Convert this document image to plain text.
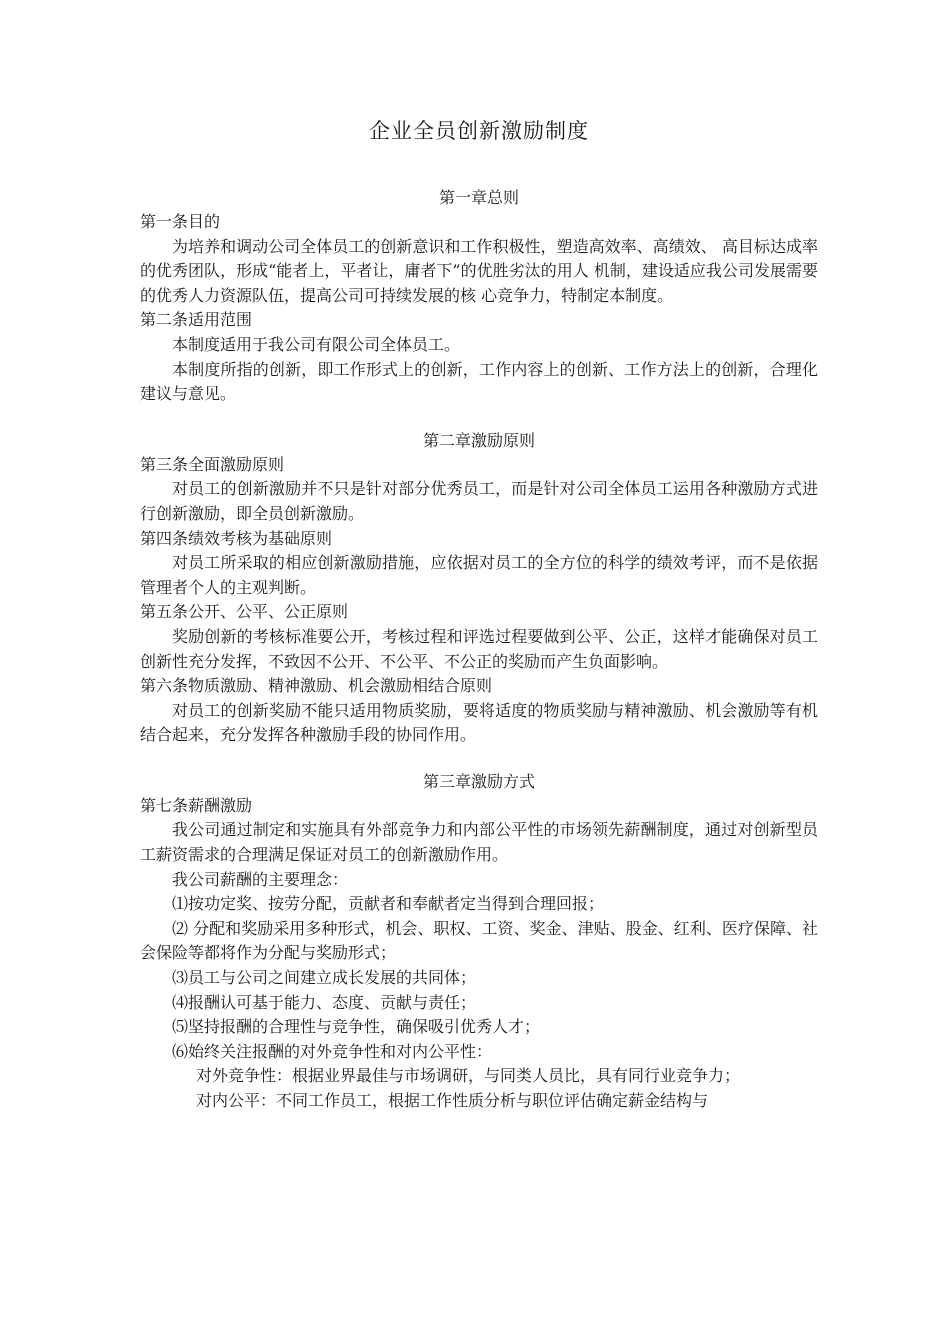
企业全员创新激励制度
第一章总则

第一条目的

为培养和调动公司全体员工的创新意识和工作积极性，塑造高效率、高绩效、 高目标达成率的优秀团队，形成“能者上，平者让，庸者下”的优胜劣汰的用人 机制，建设适应我公司发展需要的优秀人力资源队伍，提高公司可持续发展的核 心竞争力，特制定本制度。

第二条适用范围

本制度适用于我公司有限公司全体员工。

本制度所指的创新，即工作形式上的创新，工作内容上的创新、工作方法上的创新，合理化建议与意见。

第二章激励原则

第三条全面激励原则

对员工的创新激励并不只是针对部分优秀员工，而是针对公司全体员工运用各种激励方式进行创新激励，即全员创新激励。

第四条绩效考核为基础原则

对员工所采取的相应创新激励措施，应依据对员工的全方位的科学的绩效考评，而不是依据管理者个人的主观判断。

第五条公开、公平、公正原则

奖励创新的考核标准要公开，考核过程和评选过程要做到公平、公正，这样才能确保对员工创新性充分发挥，不致因不公开、不公平、不公正的奖励而产生负面影响。

第六条物质激励、精神激励、机会激励相结合原则

对员工的创新奖励不能只适用物质奖励，要将适度的物质奖励与精神激励、机会激励等有机结合起来，充分发挥各种激励手段的协同作用。

第三章激励方式

第七条薪酬激励

我公司通过制定和实施具有外部竞争力和内部公平性的市场领先薪酬制度，通过对创新型员工薪资需求的合理满足保证对员工的创新激励作用。

我公司薪酬的主要理念：

⑴按功定奖、按劳分配，贡献者和奉献者定当得到合理回报；

⑵ 分配和奖励采用多种形式，机会、职权、工资、奖金、津贴、股金、红利、医疗保障、社会保险等都将作为分配与奖励形式；

⑶员工与公司之间建立成长发展的共同体；

⑷报酬认可基于能力、态度、贡献与责任；

⑸坚持报酬的合理性与竞争性，确保吸引优秀人才；

⑹始终关注报酬的对外竞争性和对内公平性：

对外竞争性：根据业界最佳与市场调研，与同类人员比，具有同行业竞争力；

对内公平：不同工作员工，根据工作性质分析与职位评估确定薪金结构与
